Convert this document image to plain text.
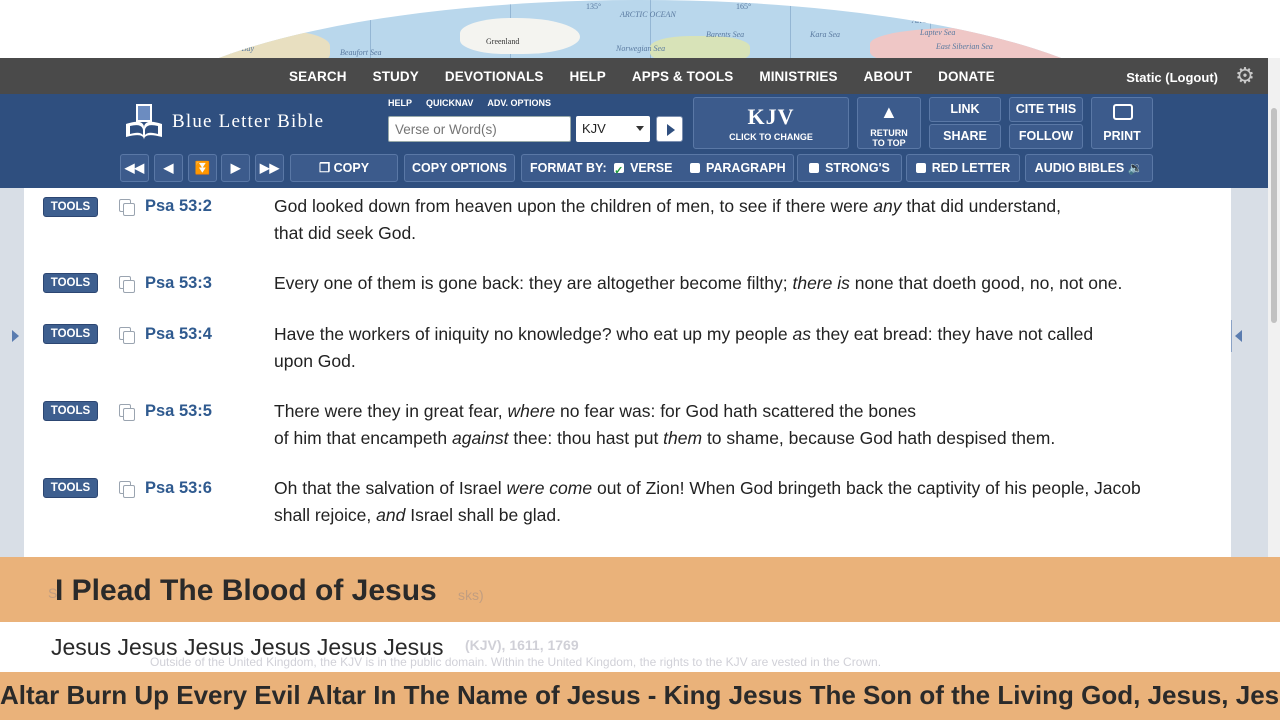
ARCTIC OCEAN
Greenland
Baffin Bay
ARCTIC OCEAN
Norwegian Sea
Barents Sea	Kara Sea
ARCTIC OCEAN
Laptev Sea
East Siberian Sea
Beaufort Sea
150°	135°	165°	180°
SEARCH	STUDY	DEVOTIONALS	HELP	APPS & TOOLS	MINISTRIES	ABOUT	DONATE	Static (Logout) ⚙
Blue Letter Bible
HELP QUICKNAV ADV. OPTIONS
Verse or Word(s)
KJV	KJV
CLICK TO CHANGE
▲
RETURN
TO TOP
LINK
SHARE
CITE THIS
FOLLOW	PRINT
◀◀	◀	⏬	▶	▶▶	❐ COPY	COPY OPTIONS	FORMAT BY: ✓ VERSE	PARAGRAPH	STRONG'S	RED LETTER	AUDIO BIBLES 🔉
TOOLS	Psa 53:2	God looked down from heaven upon the children of men, to see if there were any that did understand,
that did seek God.
TOOLS	Psa 53:3	Every one of them is gone back: they are altogether become filthy; there is none that doeth good, no, not one.
TOOLS	Psa 53:4	Have the workers of iniquity no knowledge? who eat up my people as they eat bread: they have not called
upon God.
TOOLS	Psa 53:5	There were they in great fear, where no fear was: for God hath scattered the bones
of him that encampeth against thee: thou hast put them to shame, because God hath despised them.
TOOLS	Psa 53:6	Oh that the salvation of Israel were come out of Zion! When God bringeth back the captivity of his people, Jacob
shall rejoice, and Israel shall be glad.
S	sks)
I Plead The Blood of Jesus
(KJV), 1611, 1769
Outside of the United Kingdom, the KJV is in the public domain. Within the United Kingdom, the rights to the KJV are vested in the Crown.
Jesus Jesus Jesus Jesus Jesus Jesus
Altar Burn Up Every Evil Altar In The Name of Jesus - King Jesus The Son of the Living God, Jesus, Jes
